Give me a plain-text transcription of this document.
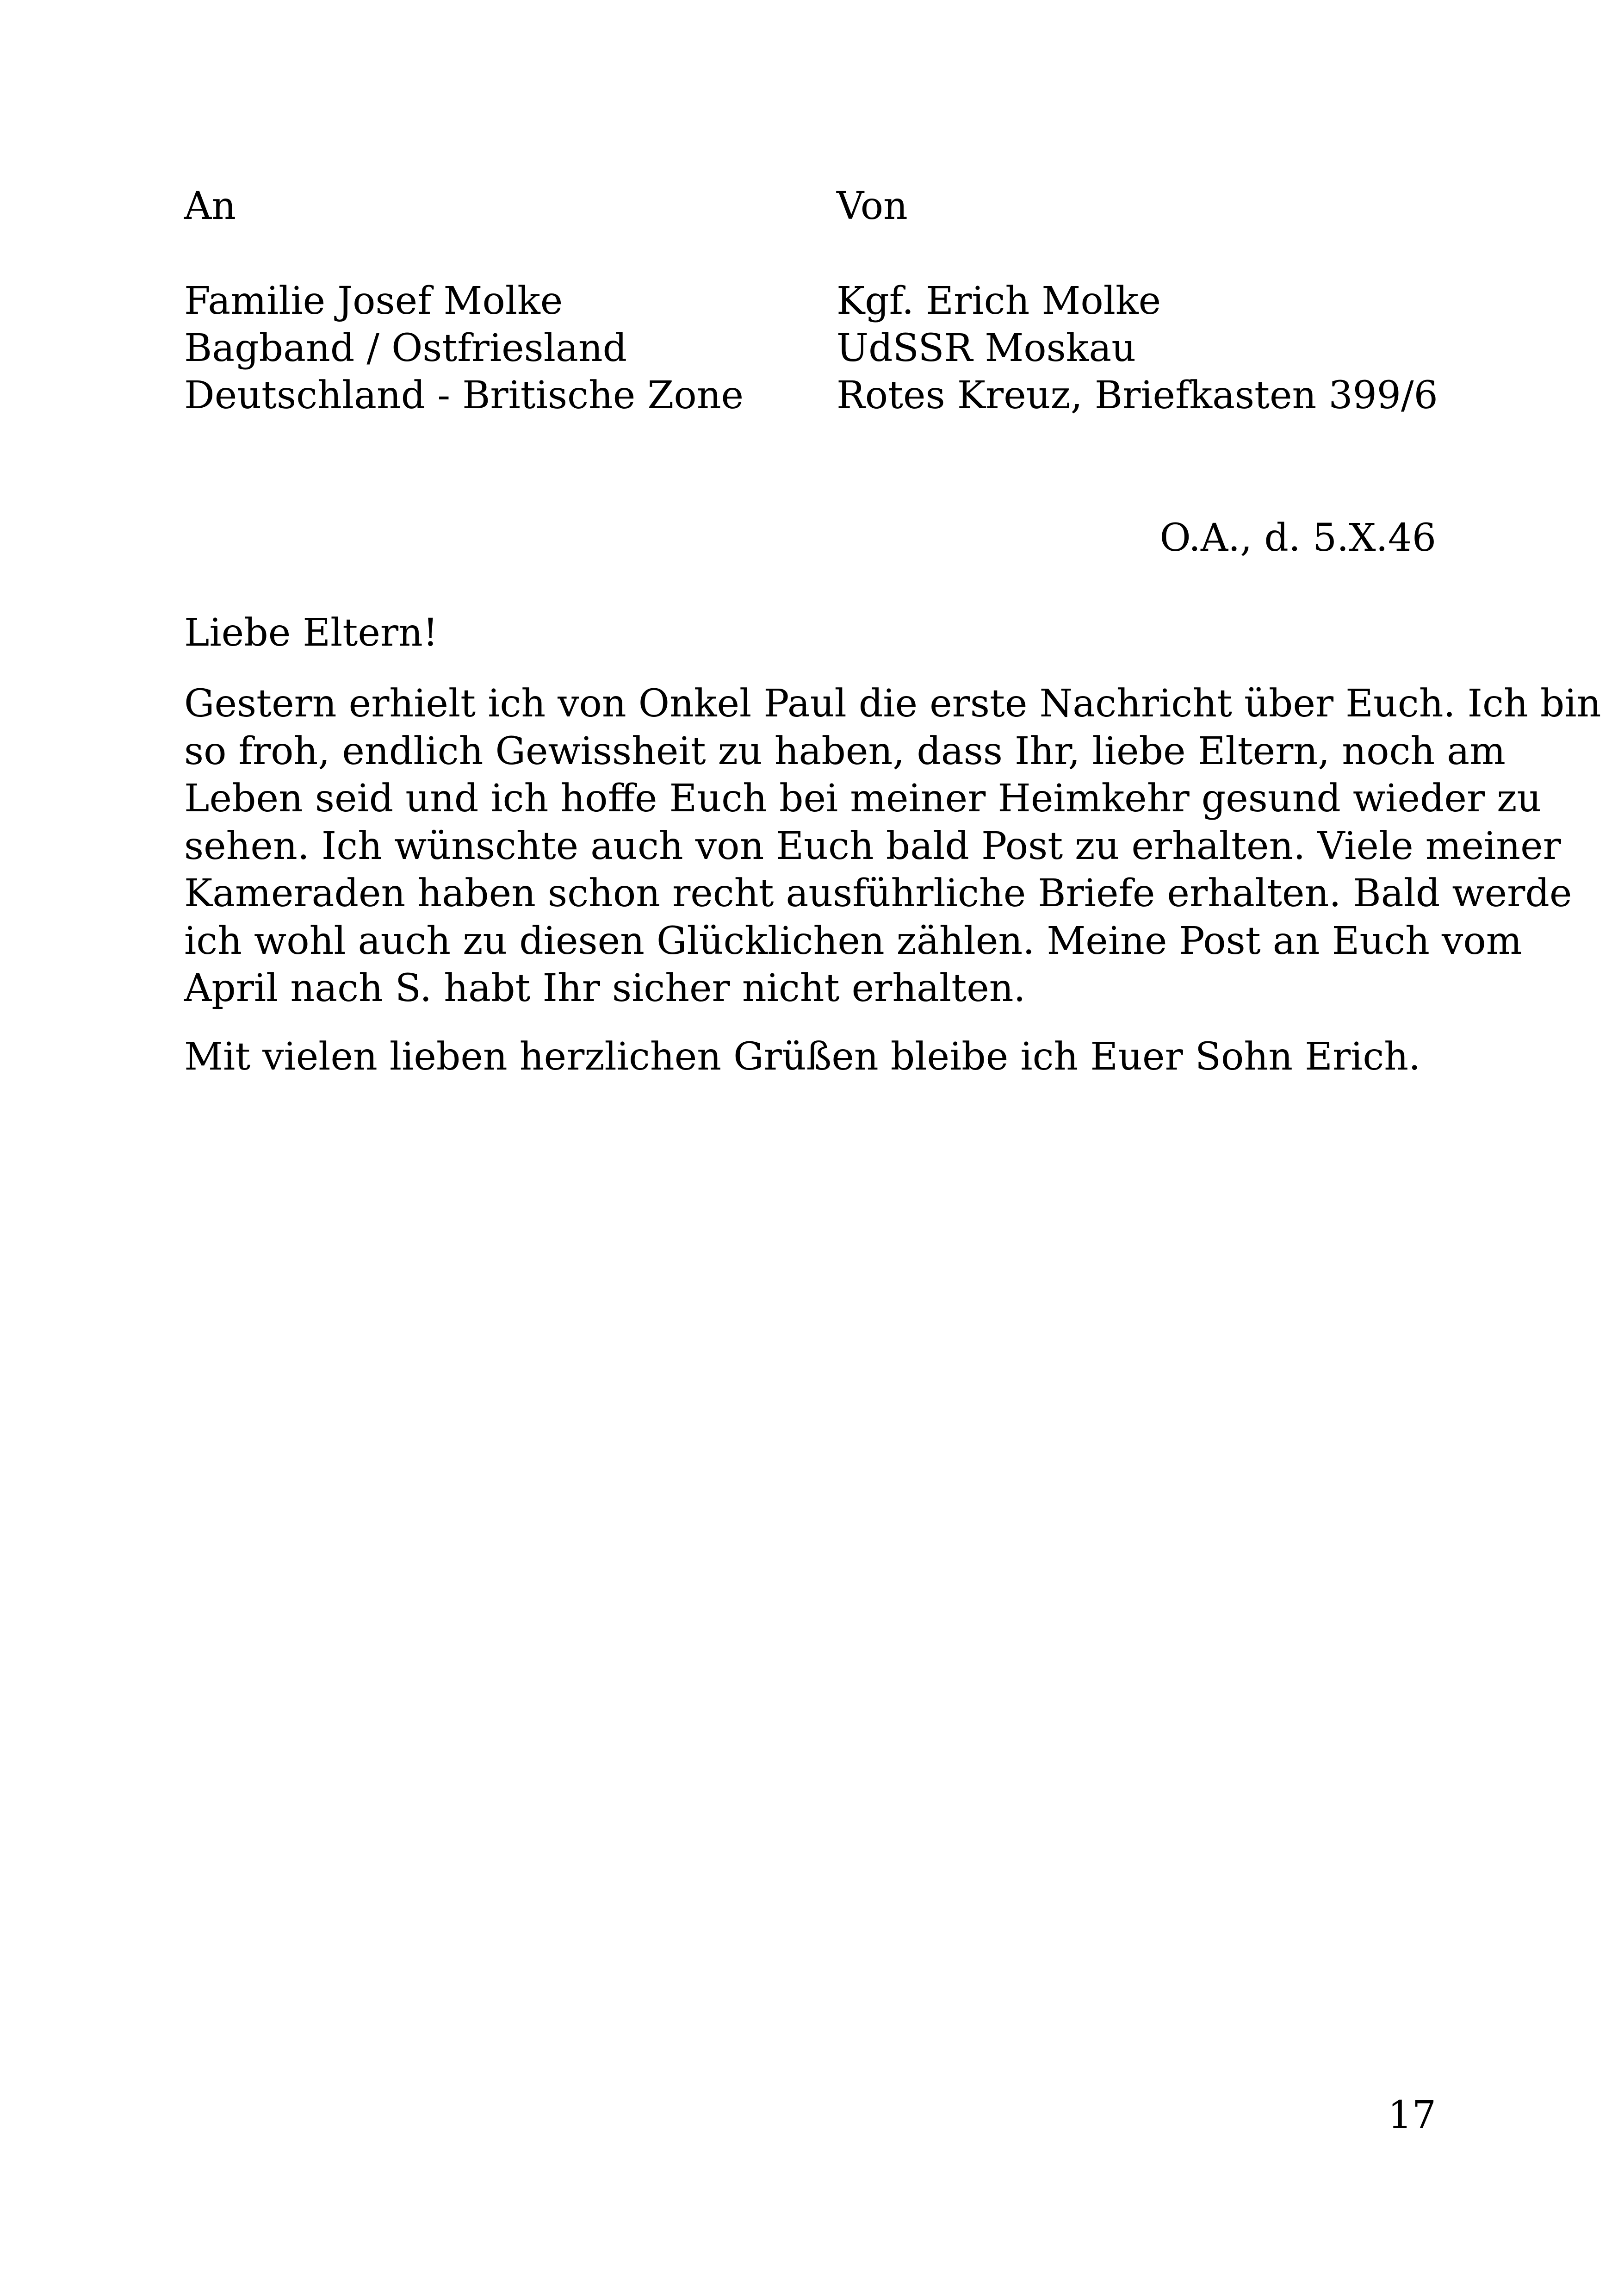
An	Von
Familie Josef Molke
Bagband / Ostfriesland
Deutschland - Britische Zone
Kgf. Erich Molke
UdSSR Moskau
Rotes Kreuz, Briefkasten 399/6
O.A., d. 5.X.46
Liebe Eltern!
Gestern erhielt ich von Onkel Paul die erste Nachricht über Euch. Ich bin
so froh, endlich Gewissheit zu haben, dass Ihr, liebe Eltern, noch am
Leben seid und ich hoffe Euch bei meiner Heimkehr gesund wieder zu
sehen. Ich wünschte auch von Euch bald Post zu erhalten. Viele meiner
Kameraden haben schon recht ausführliche Briefe erhalten. Bald werde
ich wohl auch zu diesen Glücklichen zählen. Meine Post an Euch vom
April nach S. habt Ihr sicher nicht erhalten.
Mit vielen lieben herzlichen Grüßen bleibe ich Euer Sohn Erich.
17
